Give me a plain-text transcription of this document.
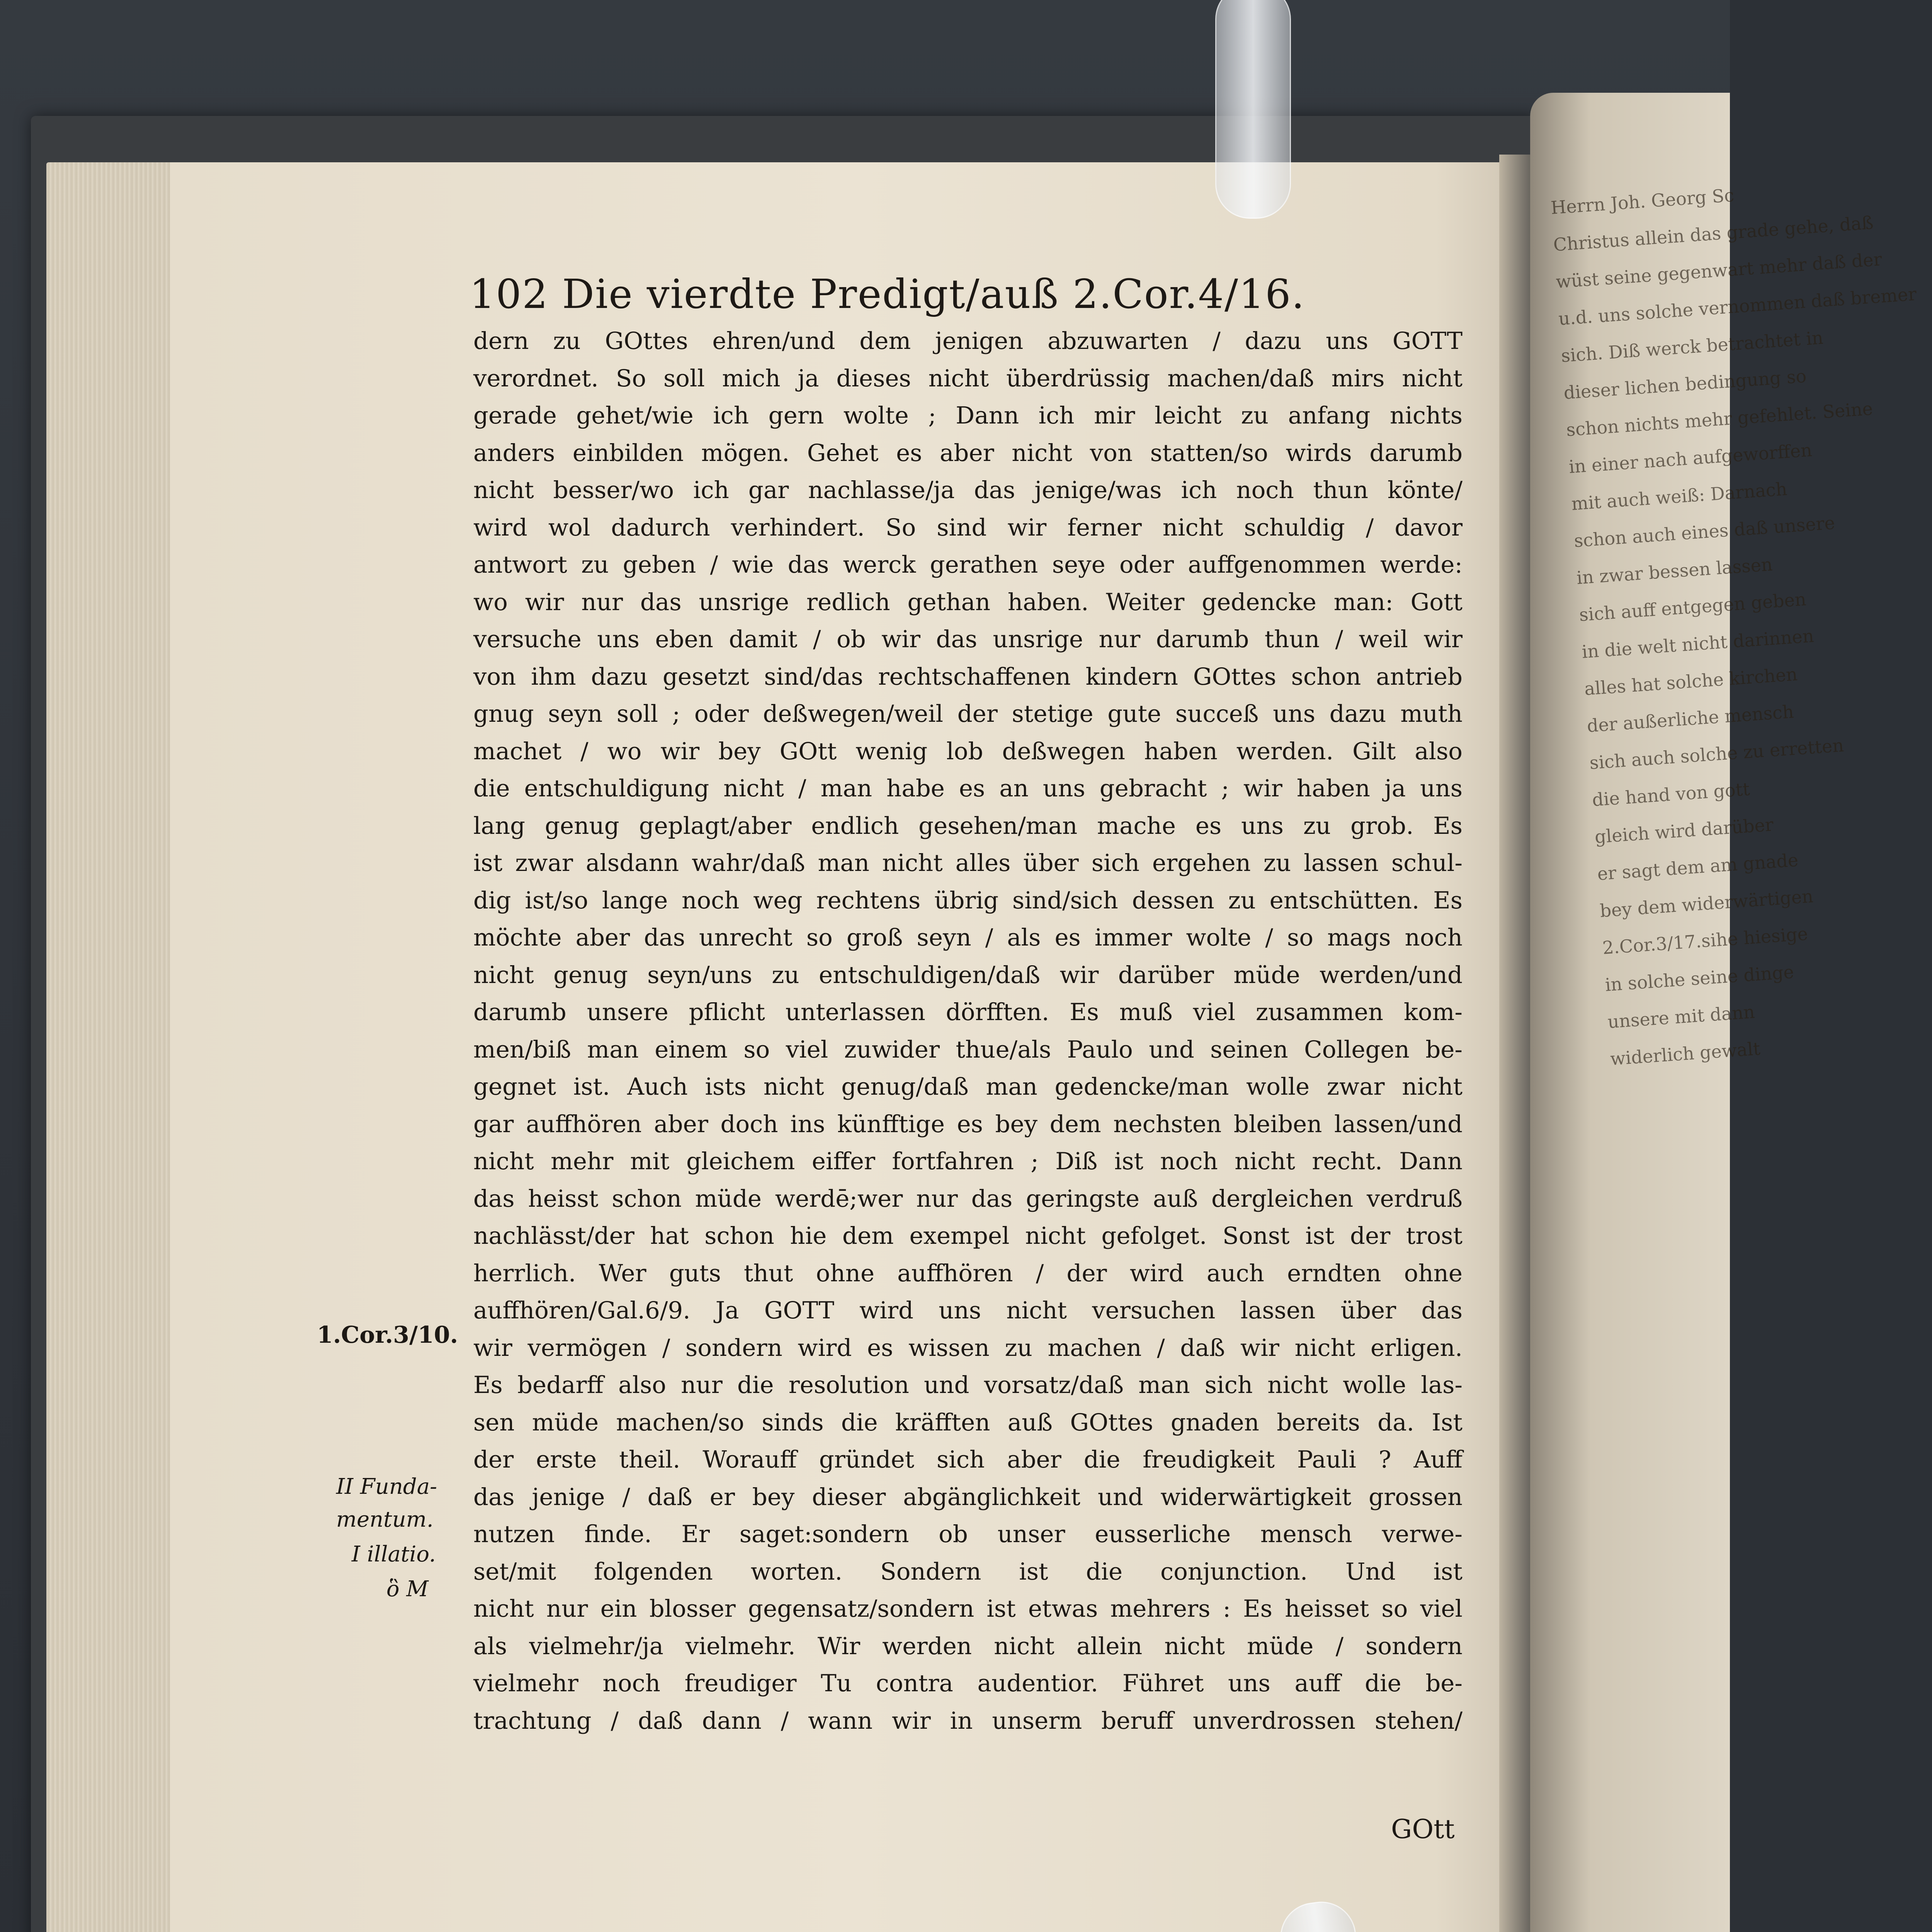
Herrn Joh. Georg Sc
Christus allein das grade gehe, daß
wüst seine gegenwart mehr daß der
u.d. uns solche vernommen daß bremer
sich. Diß werck betrachtet in
dieser lichen bedingung so
schon nichts mehr gefehlet. Seine
in einer nach aufgeworffen
mit auch weiß: Darnach
schon auch eines daß unsere
in zwar bessen lassen
sich auff entgegen geben
in die welt nicht darinnen
alles hat solche kirchen
der außerliche mensch
sich auch solche zu erretten
die hand von gott
gleich wird darüber
er sagt dem am gnade
bey dem widerwärtigen
2.Cor.3/17.sihe hiesige
in solche seine dinge
unsere mit dann
widerlich gewalt
102 Die vierdte Predigt/auß 2.Cor.4/16.
dern zu GOttes ehren/und dem jenigen abzuwarten / dazu uns GOTT
verordnet. So soll mich ja dieses nicht überdrüssig machen/daß mirs nicht
gerade gehet/wie ich gern wolte ; Dann ich mir leicht zu anfang nichts
anders einbilden mögen. Gehet es aber nicht von statten/so wirds darumb
nicht besser/wo ich gar nachlasse/ja das jenige/was ich noch thun könte/
wird wol dadurch verhindert. So sind wir ferner nicht schuldig / davor
antwort zu geben / wie das werck gerathen seye oder auffgenommen werde:
wo wir nur das unsrige redlich gethan haben. Weiter gedencke man: Gott
versuche uns eben damit / ob wir das unsrige nur darumb thun / weil wir
von ihm dazu gesetzt sind/das rechtschaffenen kindern GOttes schon antrieb
gnug seyn soll ; oder deßwegen/weil der stetige gute succeß uns dazu muth
machet / wo wir bey GOtt wenig lob deßwegen haben werden. Gilt also
die entschuldigung nicht / man habe es an uns gebracht ; wir haben ja uns
lang genug geplagt/aber endlich gesehen/man mache es uns zu grob. Es
ist zwar alsdann wahr/daß man nicht alles über sich ergehen zu lassen schul-
dig ist/so lange noch weg rechtens übrig sind/sich dessen zu entschütten. Es
möchte aber das unrecht so groß seyn / als es immer wolte / so mags noch
nicht genug seyn/uns zu entschuldigen/daß wir darüber müde werden/und
darumb unsere pflicht unterlassen dörfften. Es muß viel zusammen kom-
men/biß man einem so viel zuwider thue/als Paulo und seinen Collegen be-
gegnet ist. Auch ists nicht genug/daß man gedencke/man wolle zwar nicht
gar auffhören aber doch ins künfftige es bey dem nechsten bleiben lassen/und
nicht mehr mit gleichem eiffer fortfahren ; Diß ist noch nicht recht. Dann
das heisst schon müde werdē;wer nur das geringste auß dergleichen verdruß
nachlässt/der hat schon hie dem exempel nicht gefolget. Sonst ist der trost
herrlich. Wer guts thut ohne auffhören / der wird auch erndten ohne
auffhören/Gal.6/9. Ja GOTT wird uns nicht versuchen lassen über das
wir vermögen / sondern wird es wissen zu machen / daß wir nicht erligen.
Es bedarff also nur die resolution und vorsatz/daß man sich nicht wolle las-
sen müde machen/so sinds die kräfften auß GOttes gnaden bereits da. Ist
der erste theil. Worauff gründet sich aber die freudigkeit Pauli ? Auff
das jenige / daß er bey dieser abgänglichkeit und widerwärtigkeit grossen
nutzen finde. Er saget:sondern ob unser eusserliche mensch verwe-
set/mit folgenden worten. Sondern ist die conjunction. Und ist
nicht nur ein blosser gegensatz/sondern ist etwas mehrers : Es heisset so viel
als vielmehr/ja vielmehr. Wir werden nicht allein nicht müde / sondern
vielmehr noch freudiger Tu contra audentior. Führet uns auff die be-
trachtung / daß dann / wann wir in unserm beruff unverdrossen stehen/
1.Cor.3/10.
II Funda-
mentum.
I illatio.
ὃ Μ
GOtt
